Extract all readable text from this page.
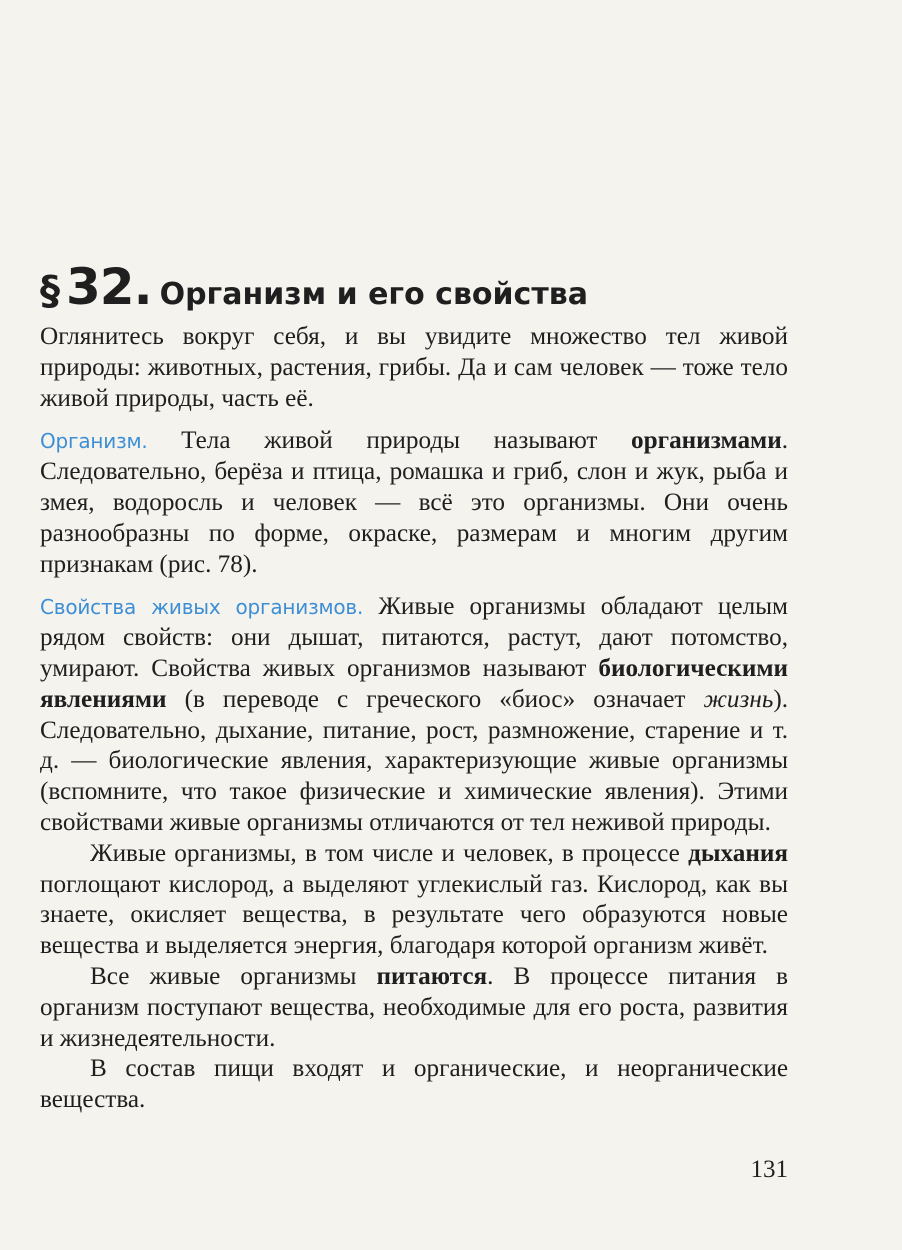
§ 32. Организм и его свойства

Оглянитесь вокруг себя, и вы увидите множество тел живой природы: животных, растения, грибы. Да и сам человек — тоже тело живой природы, часть её.

Организм. Тела живой природы называют организмами. Следовательно, берёза и птица, ромашка и гриб, слон и жук, рыба и змея, водоросль и человек — всё это организмы. Они очень разнообразны по форме, окраске, размерам и многим другим признакам (рис. 78).

Свойства живых организмов. Живые организмы обладают целым рядом свойств: они дышат, питаются, растут, дают потомство, умирают. Свойства живых организмов называют биологическими явлениями (в переводе с греческого «биос» означает жизнь). Следовательно, дыхание, питание, рост, размножение, старение и т. д. — биологические явления, характеризующие живые организмы (вспомните, что такое физические и химические явления). Этими свойствами живые организмы отличаются от тел неживой природы.

Живые организмы, в том числе и человек, в процессе дыхания поглощают кислород, а выделяют углекислый газ. Кислород, как вы знаете, окисляет вещества, в результате чего образуются новые вещества и выделяется энергия, благодаря которой организм живёт.

Все живые организмы питаются. В процессе питания в организм поступают вещества, необходимые для его роста, развития и жизнедеятельности.

В состав пищи входят и органические, и неорганические вещества.

131
